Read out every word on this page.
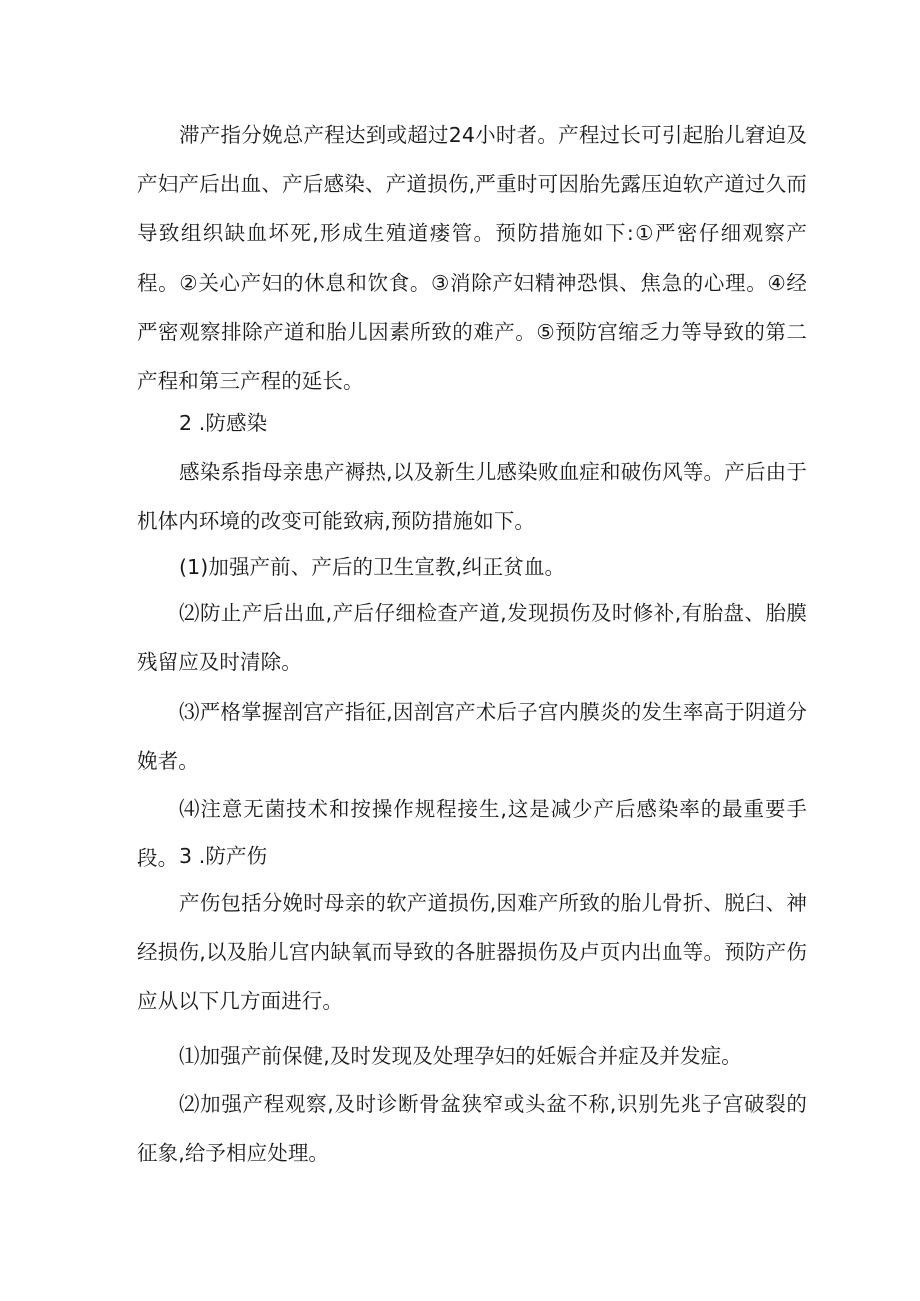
滞产指分娩总产程达到或超过24小时者。产程过长可引起胎儿窘迫及产妇产后出血、产后感染、产道损伤,严重时可因胎先露压迫软产道过久而导致组织缺血坏死,形成生殖道瘘管。预防措施如下:①严密仔细观察产程。②关心产妇的休息和饮食。③消除产妇精神恐惧、焦急的心理。④经严密观察排除产道和胎儿因素所致的难产。⑤预防宫缩乏力等导致的第二产程和第三产程的延长。

2 .防感染

感染系指母亲患产褥热,以及新生儿感染败血症和破伤风等。产后由于机体内环境的改变可能致病,预防措施如下。

(1)加强产前、产后的卫生宣教,纠正贫血。

⑵防止产后出血,产后仔细检查产道,发现损伤及时修补,有胎盘、胎膜残留应及时清除。

⑶严格掌握剖宫产指征,因剖宫产术后子宫内膜炎的发生率高于阴道分娩者。

⑷注意无菌技术和按操作规程接生,这是减少产后感染率的最重要手段。 3 .防产伤

产伤包括分娩时母亲的软产道损伤,因难产所致的胎儿骨折、脱臼、神经损伤,以及胎儿宫内缺氧而导致的各脏器损伤及卢页内出血等。预防产伤应从以下几方面进行。

⑴加强产前保健,及时发现及处理孕妇的妊娠合并症及并发症。

⑵加强产程观察,及时诊断骨盆狭窄或头盆不称,识别先兆子宫破裂的征象,给予相应处理。
